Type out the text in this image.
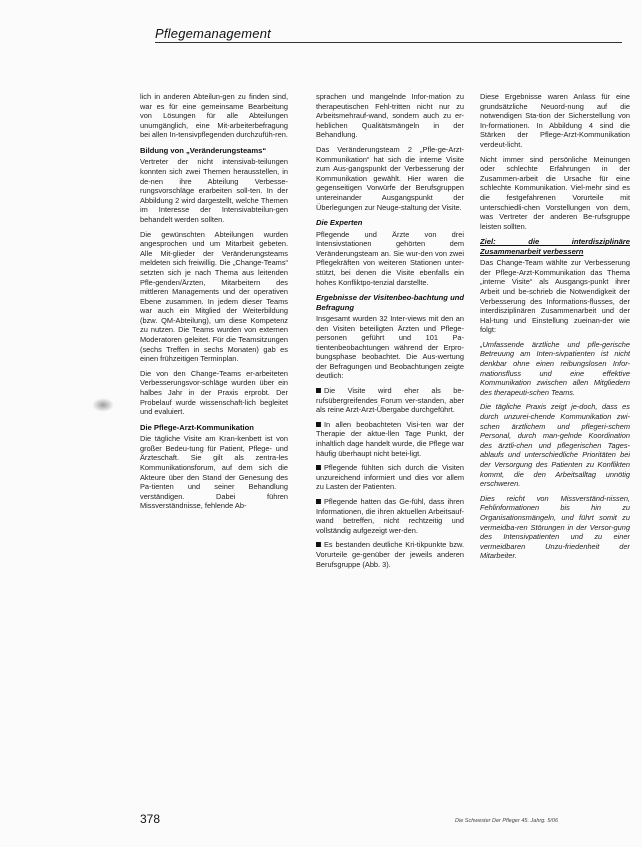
Pflegemanagement

lich in anderen Abteilun-gen zu finden sind, war es für eine gemeinsame Bearbeitung von Lösungen für alle Abteilungen unumgänglich, eine Mit-arbeiterbefragung bei allen In-tensivpflegenden durchzufüh-ren.

Bildung von „Veränderungsteams“

Vertreter der nicht intensivab-teilungen konnten sich zwei Themen herausstellen, in de-nen ihre Abteilung Verbesse-rungsvorschläge erarbeiten soll-ten. In der Abbildung 2 wird dargestellt, welche Themen im Interesse der Intensivabteilun-gen behandelt werden sollten.

Die gewünschten Abteilungen wurden angesprochen und um Mitarbeit gebeten. Alle Mit-glieder der Veränderungsteams meldeten sich freiwillig. Die „Change-Teams“ setzten sich je nach Thema aus leitenden Pfle-genden/Ärzten, Mitarbeitern des mittleren Managements und der operativen Ebene zusammen. In jedem dieser Teams war auch ein Mitglied der Weiterbildung (bzw. QM-Abteilung), um diese Kompetenz zu nutzen. Die Teams wurden von externen Moderatoren geleitet. Für die Teamsitzungen (sechs Treffen in sechs Monaten) gab es einen frühzeitigen Terminplan.

Die von den Change-Teams er-arbeiteten Verbesserungsvor-schläge wurden über ein halbes Jahr in der Praxis erprobt. Der Probelauf wurde wissenschaft-lich begleitet und evaluiert.

Die Pflege-Arzt-Kommunikation

Die tägliche Visite am Kran-kenbett ist von großer Bedeu-tung für Patient, Pflege- und Ärzteschaft. Sie gilt als zentra-les Kommunikationsforum, auf dem sich die Akteure über den Stand der Genesung des Pa-tienten und seiner Behandlung verständigen. Dabei führen Missverständnisse, fehlende Ab-

sprachen und mangelnde Infor-mation zu therapeutischen Fehl-tritten nicht nur zu Arbeitsmehrauf-wand, sondern auch zu er-heblichen Qualitätsmängeln in der Behandlung.

Das Veränderungsteam 2 „Pfle-ge-Arzt-Kommunikation“ hat sich die interne Visite zum Aus-gangspunkt der Verbesserung der Kommunikation gewählt. Hier waren die gegenseitigen Vorwürfe der Berufsgruppen untereinander Ausgangspunkt der Überlegungen zur Neuge-staltung der Visite.

Die Experten

Pflegende und Ärzte von drei Intensivstationen gehörten dem Veränderungsteam an. Sie wur-den von zwei Pflegekräften von weiteren Stationen unter-stützt, bei denen die Visite ebenfalls ein hohes Konfliktpo-tenzial darstellte.

Ergebnisse der Visitenbeo-bachtung und Befragung

Insgesamt wurden 32 Inter-views mit den an den Visiten beteiligten Ärzten und Pflege-personen geführt und 101 Pa-tientenbeobachtungen während der Erpro-bungsphase beobachtet. Die Aus-wertung der Befragungen und Beobachtungen zeigte deutlich:

Die Visite wird eher als be-rufsübergreifendes Forum ver-standen, aber als reine Arzt-Arzt-Übergabe durchgeführt.

In allen beobachteten Visi-ten war der Therapie der aktue-llen Tage Punkt, der inhaltlich dage handelt wurde, die Pflege war häufig überhaupt nicht betei-ligt.

Pflegende fühlten sich durch die Visiten unzureichend informiert und dies vor allem zu Lasten der Patienten.

Pflegende hatten das Ge-fühl, dass ihren Informationen, die ihren aktuellen Arbeitsauf-wand betreffen, nicht rechtzeitig und vollständig aufgezeigt wer-den.

Es bestanden deutliche Kri-tikpunkte bzw. Vorurteile ge-genüber der jeweils anderen Berufsgruppe (Abb. 3).

Diese Ergebnisse waren Anlass für eine grundsätzliche Neuord-nung auf die notwendigen Sta-tion der Sicherstellung von In-formationen. In Abbildung 4 sind die Stärken der Pflege-Arzt-Kommunikation verdeut-licht.

Nicht immer sind persönliche Meinungen oder schlechte Erfahrungen in der Zusammen-arbeit die Ursache für eine schlechte Kommunikation. Viel-mehr sind es die festgefahrenen Vorurteile mit unterschiedli-chen Vorstellungen von dem, was Vertreter der anderen Be-rufsgruppe leisten sollten.

Ziel: die interdisziplinäre Zusammenarbeit verbessern

Das Change-Team wählte zur Verbesserung der Pflege-Arzt-Kommunikation das Thema „interne Visite“ als Ausgangs-punkt ihrer Arbeit und be-schrieb die Notwendigkeit der Verbesserung des Informations-flusses, der interdisziplinären Zusammenarbeit und der Hal-tung und Einstellung zueinan-der wie folgt:

„Umfassende ärztliche und pfle-gerische Betreuung am Inten-sivpatienten ist nicht denkbar ohne einen reibungslosen Infor-mationsfluss und eine effektive Kommunikation zwischen allen Mitgliedern des therapeuti-schen Teams.

Die tägliche Praxis zeigt je-doch, dass es durch unzurei-chende Kommunikation zwi-schen ärztlichem und pflegeri-schem Personal, durch man-gelnde Koordination des ärztli-chen und pflegerischen Tages-ablaufs und unterschiedliche Prioritäten bei der Versorgung des Patienten zu Konflikten kommt, die den Arbeitsalltag unnötig erschweren.

Dies reicht von Missverständ-nissen, Fehlinformationen bis hin zu Organisationsmängeln, und führt somit zu vermeidba-ren Störungen in der Versor-gung des Intensivpatienten und zu einer vermeidbaren Unzu-friedenheit der Mitarbeiter.

378	Die Schwester Der Pfleger 45. Jahrg. 5/06
